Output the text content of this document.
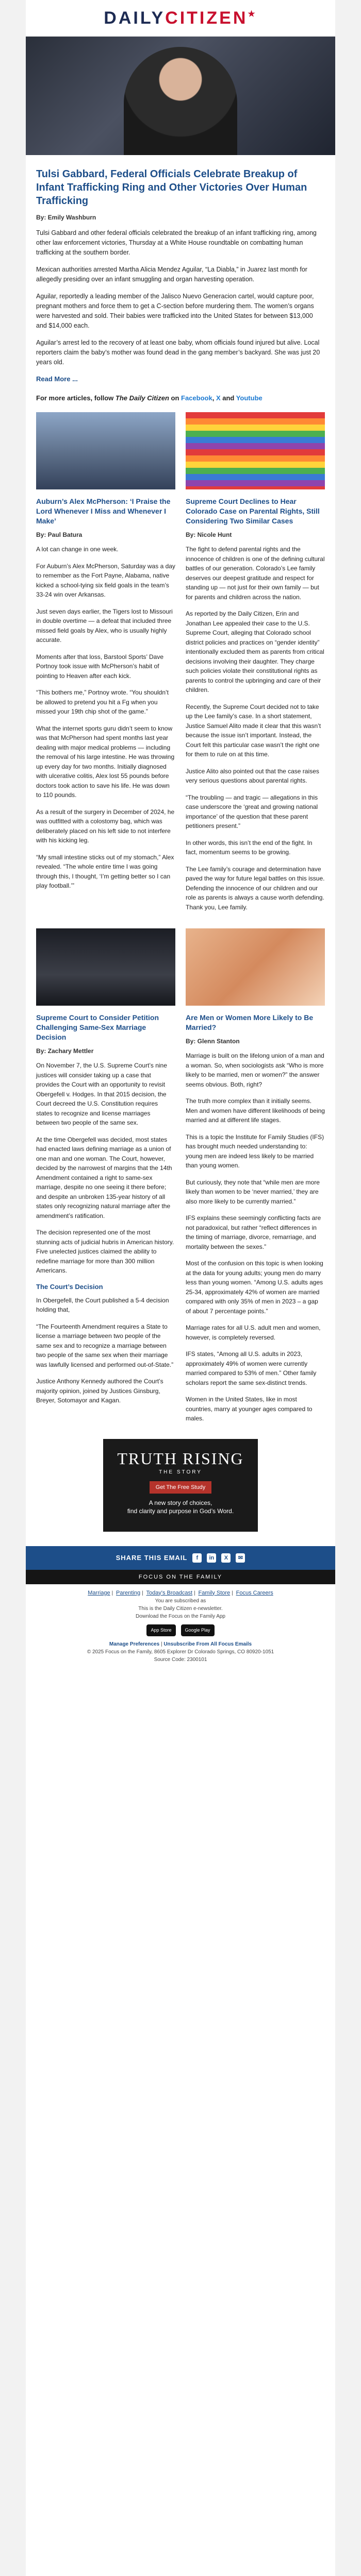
DAILYCITIZEN★
Tulsi Gabbard, Federal Officials Celebrate Breakup of Infant Trafficking Ring and Other Victories Over Human Trafficking
By: Emily Washburn

Tulsi Gabbard and other federal officials celebrated the breakup of an infant trafficking ring, among other law enforcement victories, Thursday at a White House roundtable on combatting human trafficking at the southern border.

Mexican authorities arrested Martha Alicia Mendez Aguilar, “La Diabla,” in Juarez last month for allegedly presiding over an infant smuggling and organ harvesting operation.

Aguilar, reportedly a leading member of the Jalisco Nuevo Generacion cartel, would capture poor, pregnant mothers and force them to get a C-section before murdering them. The women’s organs were harvested and sold. Their babies were trafficked into the United States for between $13,000 and $14,000 each.

Aguilar’s arrest led to the recovery of at least one baby, whom officials found injured but alive. Local reporters claim the baby’s mother was found dead in the gang member’s backyard. She was just 20 years old.

Read More ...
For more articles, follow The Daily Citizen on Facebook, X and Youtube
Auburn’s Alex McPherson: ‘I Praise the Lord Whenever I Miss and Whenever I Make’
By: Paul Batura

A lot can change in one week.

For Auburn’s Alex McPherson, Saturday was a day to remember as the Fort Payne, Alabama, native kicked a school-tying six field goals in the team’s 33-24 win over Arkansas.

Just seven days earlier, the Tigers lost to Missouri in double overtime — a defeat that included three missed field goals by Alex, who is usually highly accurate.

Moments after that loss, Barstool Sports’ Dave Portnoy took issue with McPherson’s habit of pointing to Heaven after each kick.

“This bothers me,” Portnoy wrote. “You shouldn’t be allowed to pretend you hit a Fg when you missed your 19th chip shot of the game.”

What the internet sports guru didn’t seem to know was that McPherson had spent months last year dealing with major medical problems — including the removal of his large intestine. He was throwing up every day for two months. Initially diagnosed with ulcerative colitis, Alex lost 55 pounds before doctors took action to save his life. He was down to 110 pounds.

As a result of the surgery in December of 2024, he was outfitted with a colostomy bag, which was deliberately placed on his left side to not interfere with his kicking leg.

“My small intestine sticks out of my stomach,” Alex revealed. “The whole entire time I was going through this, I thought, ‘I’m getting better so I can play football.’”

Supreme Court Declines to Hear Colorado Case on Parental Rights, Still Considering Two Similar Cases
By: Nicole Hunt

The fight to defend parental rights and the innocence of children is one of the defining cultural battles of our generation. Colorado’s Lee family deserves our deepest gratitude and respect for standing up — not just for their own family — but for parents and children across the nation.

As reported by the Daily Citizen, Erin and Jonathan Lee appealed their case to the U.S. Supreme Court, alleging that Colorado school district policies and practices on “gender identity” intentionally excluded them as parents from critical decisions involving their daughter. They charge such policies violate their constitutional rights as parents to control the upbringing and care of their children.

Recently, the Supreme Court decided not to take up the Lee family’s case. In a short statement, Justice Samuel Alito made it clear that this wasn’t because the issue isn’t important. Instead, the Court felt this particular case wasn’t the right one for them to rule on at this time.

Justice Alito also pointed out that the case raises very serious questions about parental rights.

“The troubling — and tragic — allegations in this case underscore the ‘great and growing national importance’ of the question that these parent petitioners present.”

In other words, this isn’t the end of the fight. In fact, momentum seems to be growing.

The Lee family’s courage and determination have paved the way for future legal battles on this issue. Defending the innocence of our children and our role as parents is always a cause worth defending. Thank you, Lee family.

Supreme Court to Consider Petition Challenging Same-Sex Marriage Decision
By: Zachary Mettler

On November 7, the U.S. Supreme Court’s nine justices will consider taking up a case that provides the Court with an opportunity to revisit Obergefell v. Hodges. In that 2015 decision, the Court decreed the U.S. Constitution requires states to recognize and license marriages between two people of the same sex.

At the time Obergefell was decided, most states had enacted laws defining marriage as a union of one man and one woman. The Court, however, decided by the narrowest of margins that the 14th Amendment contained a right to same-sex marriage, despite no one seeing it there before; and despite an unbroken 135-year history of all states only recognizing natural marriage after the amendment’s ratification.

The decision represented one of the most stunning acts of judicial hubris in American history. Five unelected justices claimed the ability to redefine marriage for more than 300 million Americans.

The Court’s Decision

In Obergefell, the Court published a 5-4 decision holding that,

“The Fourteenth Amendment requires a State to license a marriage between two people of the same sex and to recognize a marriage between two people of the same sex when their marriage was lawfully licensed and performed out-of-State.”

Justice Anthony Kennedy authored the Court’s majority opinion, joined by Justices Ginsburg, Breyer, Sotomayor and Kagan.

Are Men or Women More Likely to Be Married?
By: Glenn Stanton

Marriage is built on the lifelong union of a man and a woman. So, when sociologists ask “Who is more likely to be married, men or women?” the answer seems obvious. Both, right?

The truth more complex than it initially seems. Men and women have different likelihoods of being married and at different life stages.

This is a topic the Institute for Family Studies (IFS) has brought much needed understanding to: young men are indeed less likely to be married than young women.

But curiously, they note that “while men are more likely than women to be ‘never married,’ they are also more likely to be currently married.”

IFS explains these seemingly conflicting facts are not paradoxical, but rather “reflect differences in the timing of marriage, divorce, remarriage, and mortality between the sexes.”

Most of the confusion on this topic is when looking at the data for young adults; young men do marry less than young women. “Among U.S. adults ages 25-34, approximately 42% of women are married compared with only 35% of men in 2023 – a gap of about 7 percentage points.”

Marriage rates for all U.S. adult men and women, however, is completely reversed.

IFS states, “Among all U.S. adults in 2023, approximately 49% of women were currently married compared to 53% of men.” Other family scholars report the same sex-distinct trends.

Women in the United States, like in most countries, marry at younger ages compared to males.

TRUTH RISING
THE STORY
Get The Free Study
A new story of choices,
find clarity and purpose in God’s Word.
SHARE THIS EMAIL	f	in	X	✉
FOCUS ON THE FAMILY
Marriage | Parenting | Today's Broadcast | Family Store | Focus Careers
You are subscribed as
This is the Daily Citizen e-newsletter.
Download the Focus on the Family App
App Store	Google Play
Manage Preferences | Unsubscribe From All Focus Emails
© 2025 Focus on the Family, 8605 Explorer Dr Colorado Springs, CO 80920-1051
Source Code: 2300101
